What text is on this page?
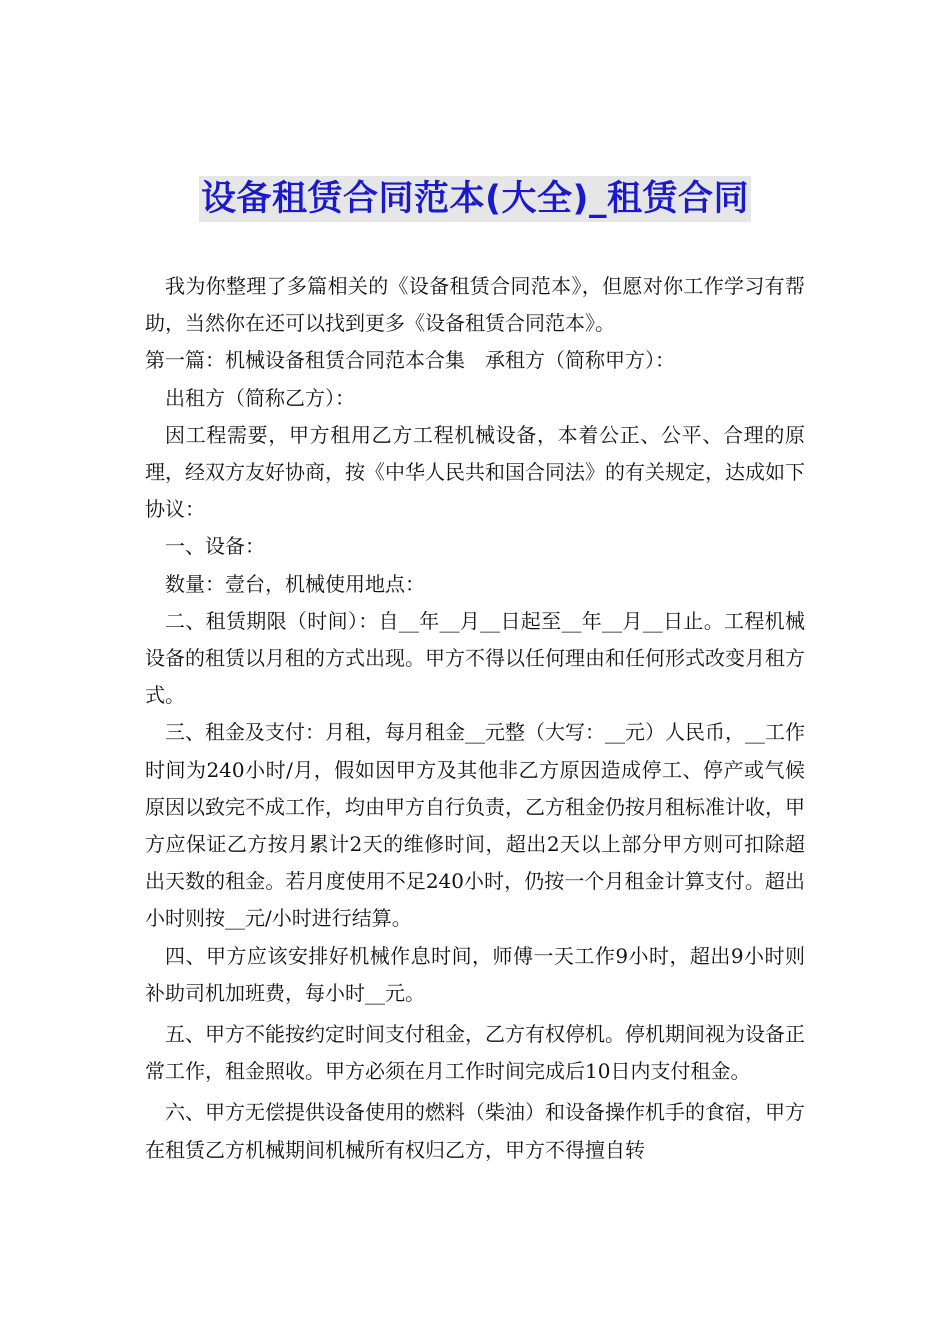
设备租赁合同范本(大全)_租赁合同

我为你整理了多篇相关的《设备租赁合同范本》，但愿对你工作学习有帮助，当然你在还可以找到更多《设备租赁合同范本》。

第一篇：机械设备租赁合同范本合集　承租方（简称甲方）：

出租方（简称乙方）：

因工程需要，甲方租用乙方工程机械设备，本着公正、公平、合理的原理，经双方友好协商，按《中华人民共和国合同法》的有关规定，达成如下协议：

一、设备：

数量：壹台，机械使用地点：

二、租赁期限（时间）：自__年__月__日起至__年__月__日止。工程机械设备的租赁以月租的方式出现。甲方不得以任何理由和任何形式改变月租方式。

三、租金及支付：月租，每月租金__元整（大写：__元）人民币，__工作时间为240小时/月，假如因甲方及其他非乙方原因造成停工、停产或气候原因以致完不成工作，均由甲方自行负责，乙方租金仍按月租标准计收，甲方应保证乙方按月累计2天的维修时间，超出2天以上部分甲方则可扣除超出天数的租金。若月度使用不足240小时，仍按一个月租金计算支付。超出小时则按__元/小时进行结算。

四、甲方应该安排好机械作息时间，师傅一天工作9小时，超出9小时则补助司机加班费，每小时__元。

五、甲方不能按约定时间支付租金，乙方有权停机。停机期间视为设备正常工作，租金照收。甲方必须在月工作时间完成后10日内支付租金。

六、甲方无偿提供设备使用的燃料（柴油）和设备操作机手的食宿，甲方在租赁乙方机械期间机械所有权归乙方，甲方不得擅自转
